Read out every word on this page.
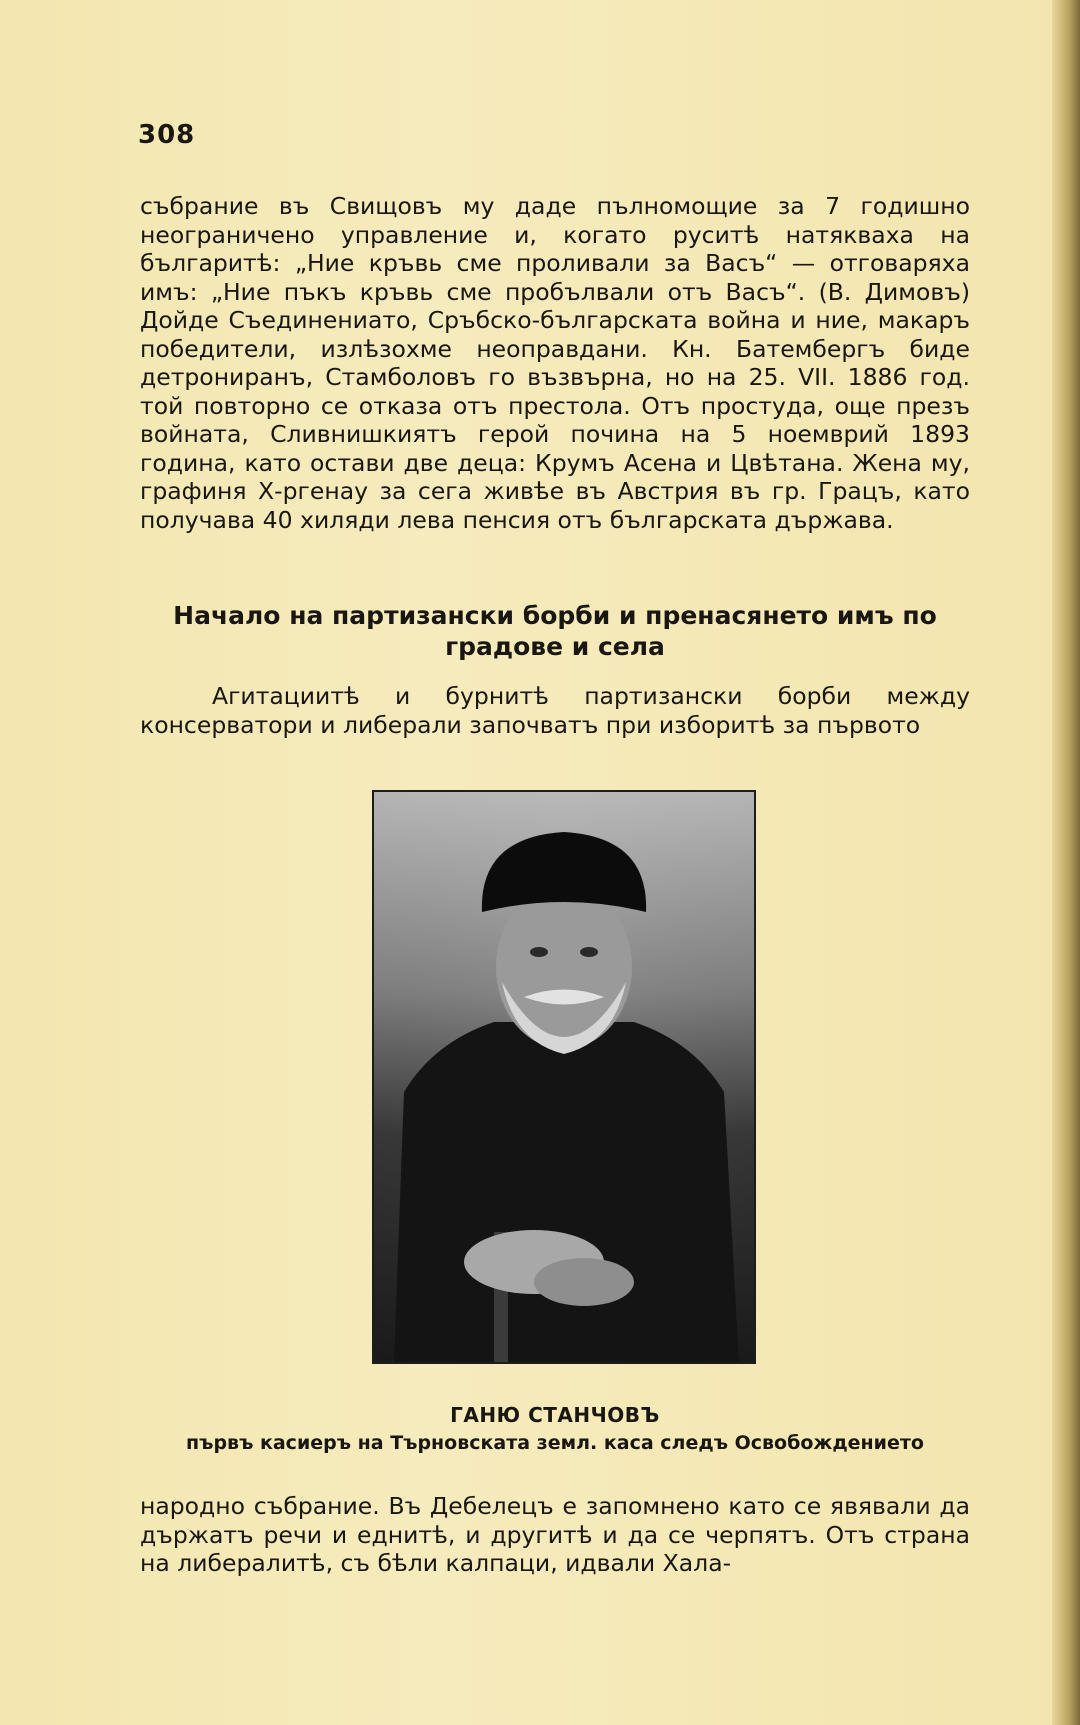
308

събрание въ Свищовъ му даде пълномощие за 7 годишно неограничено управление и, когато руситѣ натякваха на българитѣ: „Ние кръвь сме проливали за Васъ“ — отговаряха имъ: „Ние пъкъ кръвь сме пробълвали отъ Васъ“. (В. Димовъ) Дойде Съединениато, Сръбско-българската война и ние, макаръ победители, излѣзохме неоправдани. Кн. Батембергъ биде детрониранъ, Стамболовъ го възвърна, но на 25. VII. 1886 год. той повторно се отказа отъ престола. Отъ простуда, още презъ войната, Сливнишкиятъ герой почина на 5 ноемврий 1893 година, като остави две деца: Крумъ Асена и Цвѣтана. Жена му, графиня Х-ргенау за сега живѣе въ Австрия въ гр. Грацъ, като получава 40 хиляди лева пенсия отъ българската държава.

Начало на партизански борби и пренасянето имъ по градове и села

Агитациитѣ и бурнитѣ партизански борби между консерватори и либерали започватъ при изборитѣ за първото

ГАНЮ СТАНЧОВЪ

първъ касиеръ на Търновската земл. каса следъ Освобождението

народно събрание. Въ Дебелецъ е запомнено като се явявали да държатъ речи и еднитѣ, и другитѣ и да се черпятъ. Отъ страна на либералитѣ, съ бѣли калпаци, идвали Хала-
